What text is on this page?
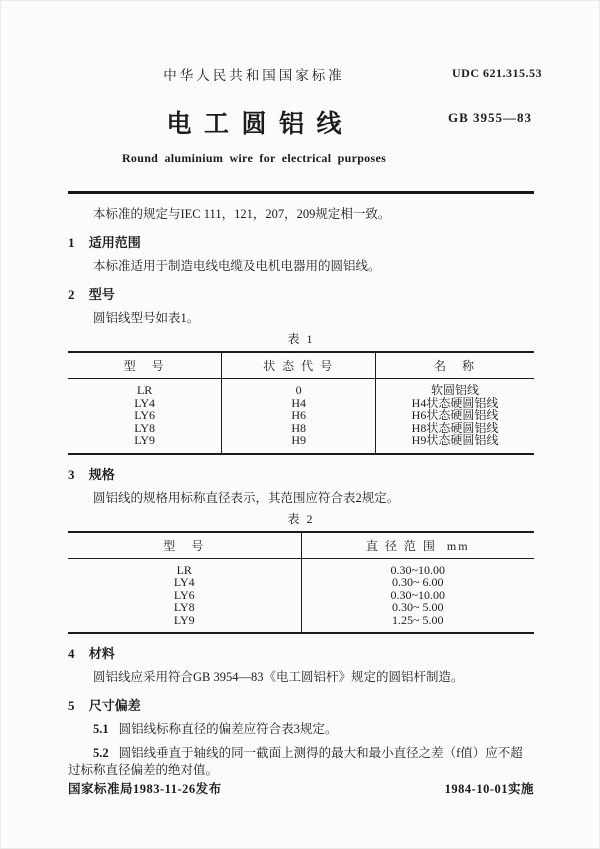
中华人民共和国国家标准
电工圆铝线
Round aluminium wire for electrical purposes
UDC 621.315.53
GB 3955—83

本标准的规定与IEC 111，121，207，209规定相一致。

1 适用范围

本标准适用于制造电线电缆及电机电器用的圆铝线。

2 型号

圆铝线型号如表1。

表 1
型　号	状 态 代 号	名　称
LR	0	软圆铝线
LY4	H4	H4状态硬圆铝线
LY6	H6	H6状态硬圆铝线
LY8	H8	H8状态硬圆铝线
LY9	H9	H9状态硬圆铝线
3 规格

圆铝线的规格用标称直径表示，其范围应符合表2规定。

表 2
型　号	直 径 范 围  mm
LR	0.30~10.00
LY4	0.30~ 6.00
LY6	0.30~10.00
LY8	0.30~ 5.00
LY9	1.25~ 5.00
4 材料

圆铝线应采用符合GB 3954—83《电工圆铝杆》规定的圆铝杆制造。

5 尺寸偏差

5.1 圆铝线标称直径的偏差应符合表3规定。

5.2 圆铝线垂直于轴线的同一截面上测得的最大和最小直径之差（f值）应不超过标称直径偏差的绝对值。

国家标准局1983-11-26发布	1984-10-01实施
